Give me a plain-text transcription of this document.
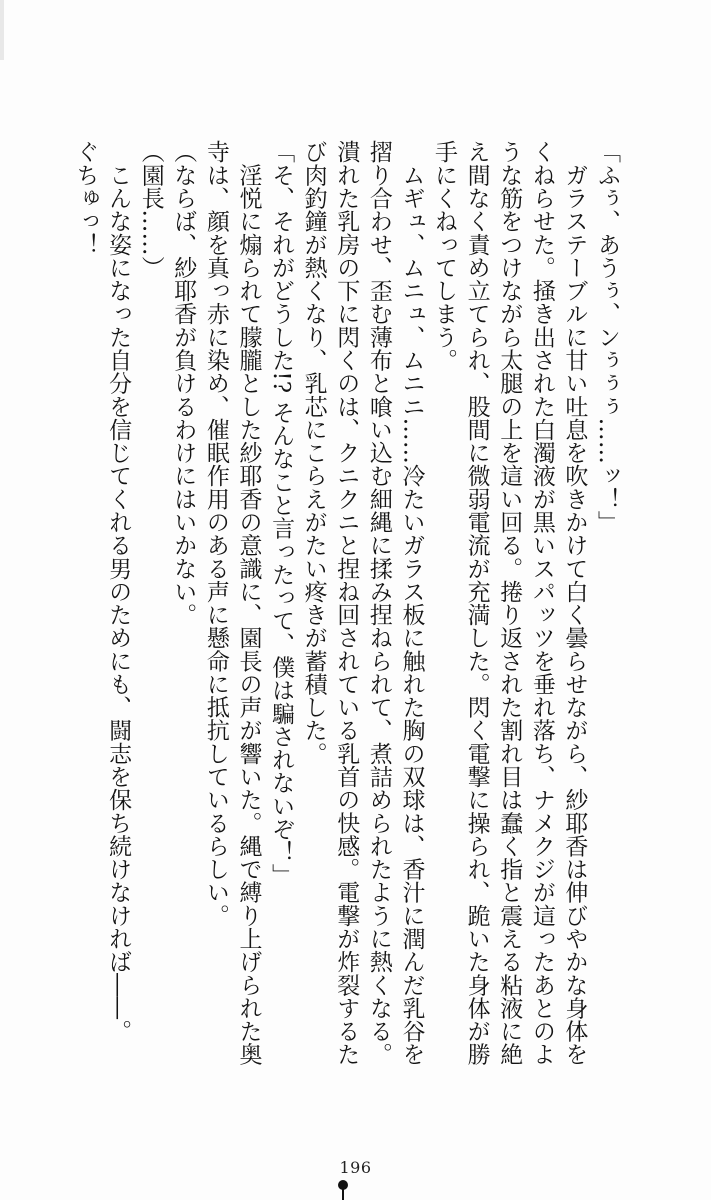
「ふぅ、あうぅ、ンぅぅぅ……ッ！」

　ガラステーブルに甘い吐息を吹きかけて白く曇らせながら、紗耶香は伸びやかな身体を

くねらせた。掻き出された白濁液が黒いスパッツを垂れ落ち、ナメクジが這ったあとのよ

うな筋をつけながら太腿の上を這い回る。捲り返された割れ目は蠢く指と震える粘液に絶

え間なく責め立てられ、股間に微弱電流が充満した。閃く電撃に操られ、跪いた身体が勝

手にくねってしまう。

　ムギュ、ムニュ、ムニニ……冷たいガラス板に触れた胸の双球は、香汁に潤んだ乳谷を

摺り合わせ、歪む薄布と喰い込む細縄に揉み捏ねられて、煮詰められたように熱くなる。

潰れた乳房の下に閃くのは、クニクニと捏ね回されている乳首の快感。電撃が炸裂するた

び肉釣鐘が熱くなり、乳芯にこらえがたい疼きが蓄積した。

「そ、それがどうした!? そんなこと言ったって、僕は騙されないぞ！」

　淫悦に煽られて朦朧とした紗耶香の意識に、園長の声が響いた。縄で縛り上げられた奥

寺は、顔を真っ赤に染め、催眠作用のある声に懸命に抵抗しているらしい。

（ならば、紗耶香が負けるわけにはいかない。

（園長……）

　こんな姿になった自分を信じてくれる男のためにも、闘志を保ち続けなければ――。

ぐちゅっ！

196
